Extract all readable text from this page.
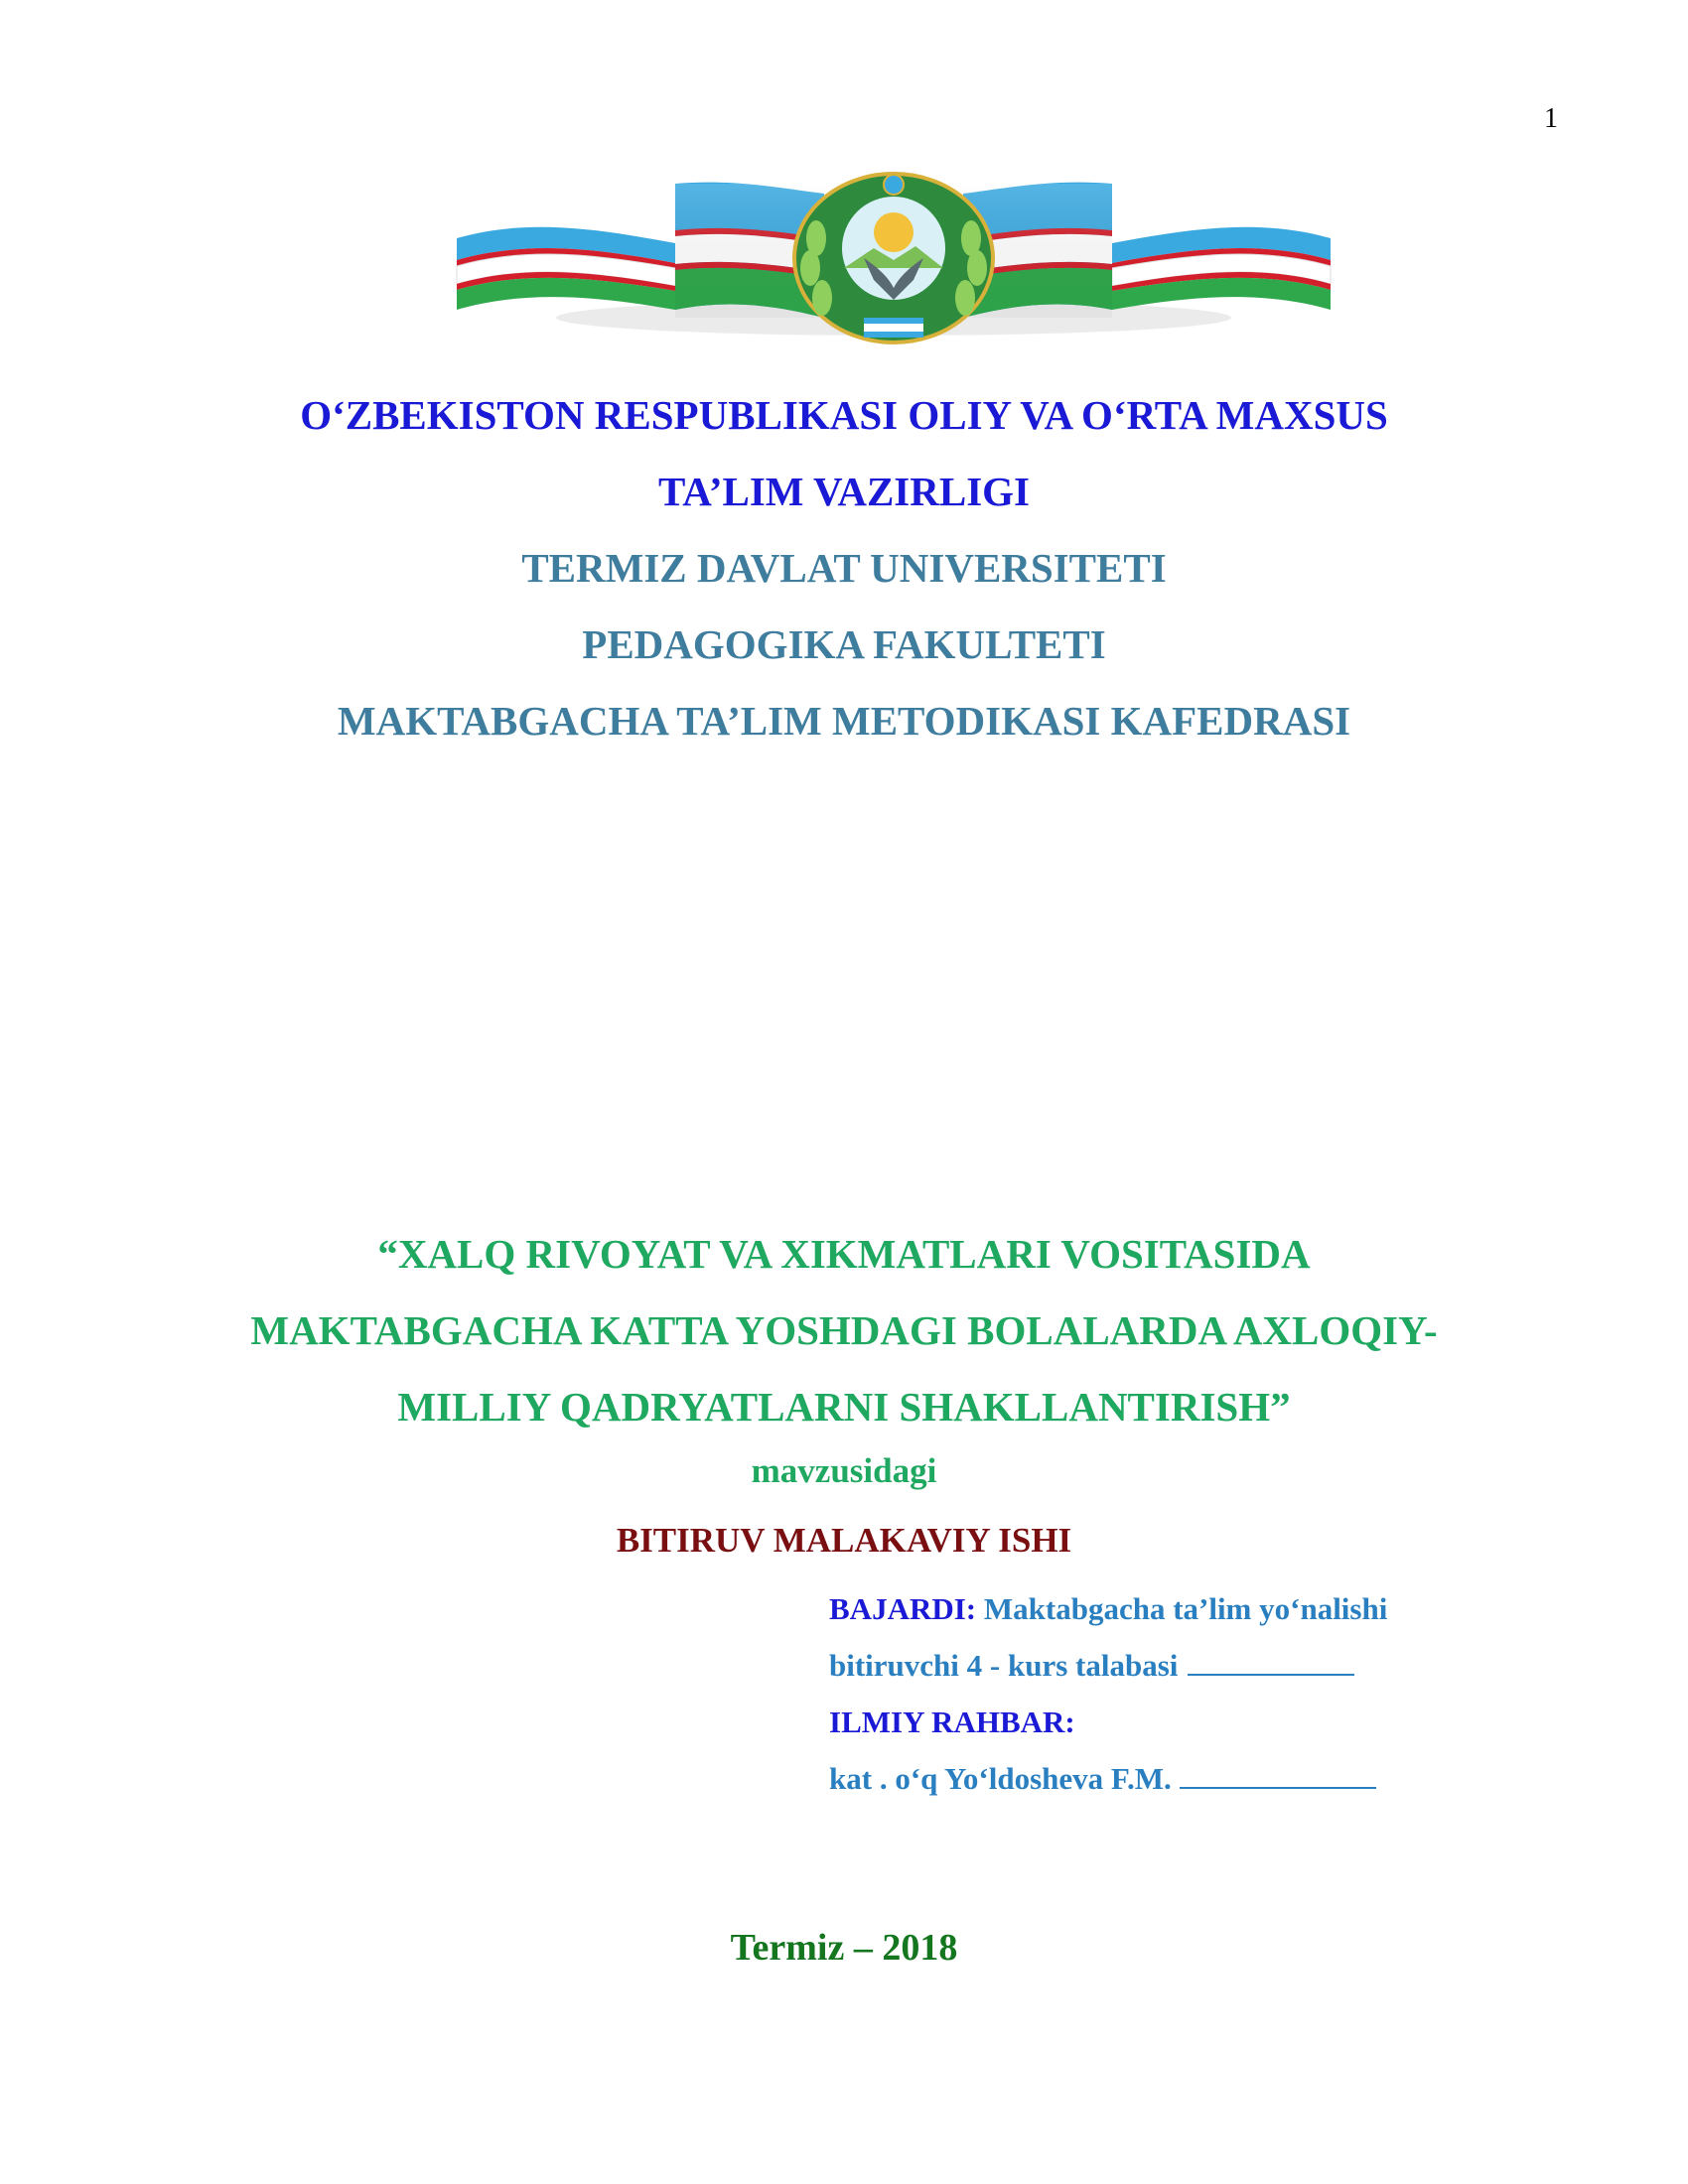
1
O‘ZBEKISTON RESPUBLIKASI OLIY VA O‘RTA MAXSUS
TA’LIM VAZIRLIGI
TERMIZ DAVLAT UNIVERSITETI
PEDAGOGIKA FAKULTETI
MAKTABGACHA TA’LIM METODIKASI KAFEDRASI
“XALQ RIVOYAT VA XIKMATLARI VOSITASIDA
MAKTABGACHA KATTA YOSHDAGI BOLALARDA AXLOQIY-
MILLIY QADRYATLARNI SHAKLLANTIRISH”
mavzusidagi
BITIRUV MALAKAVIY ISHI
BAJARDI: Maktabgacha ta’lim yo‘nalishi
bitiruvchi 4 - kurs talabasi
ILMIY RAHBAR:
kat . o‘q Yo‘ldosheva F.M.
Termiz – 2018
